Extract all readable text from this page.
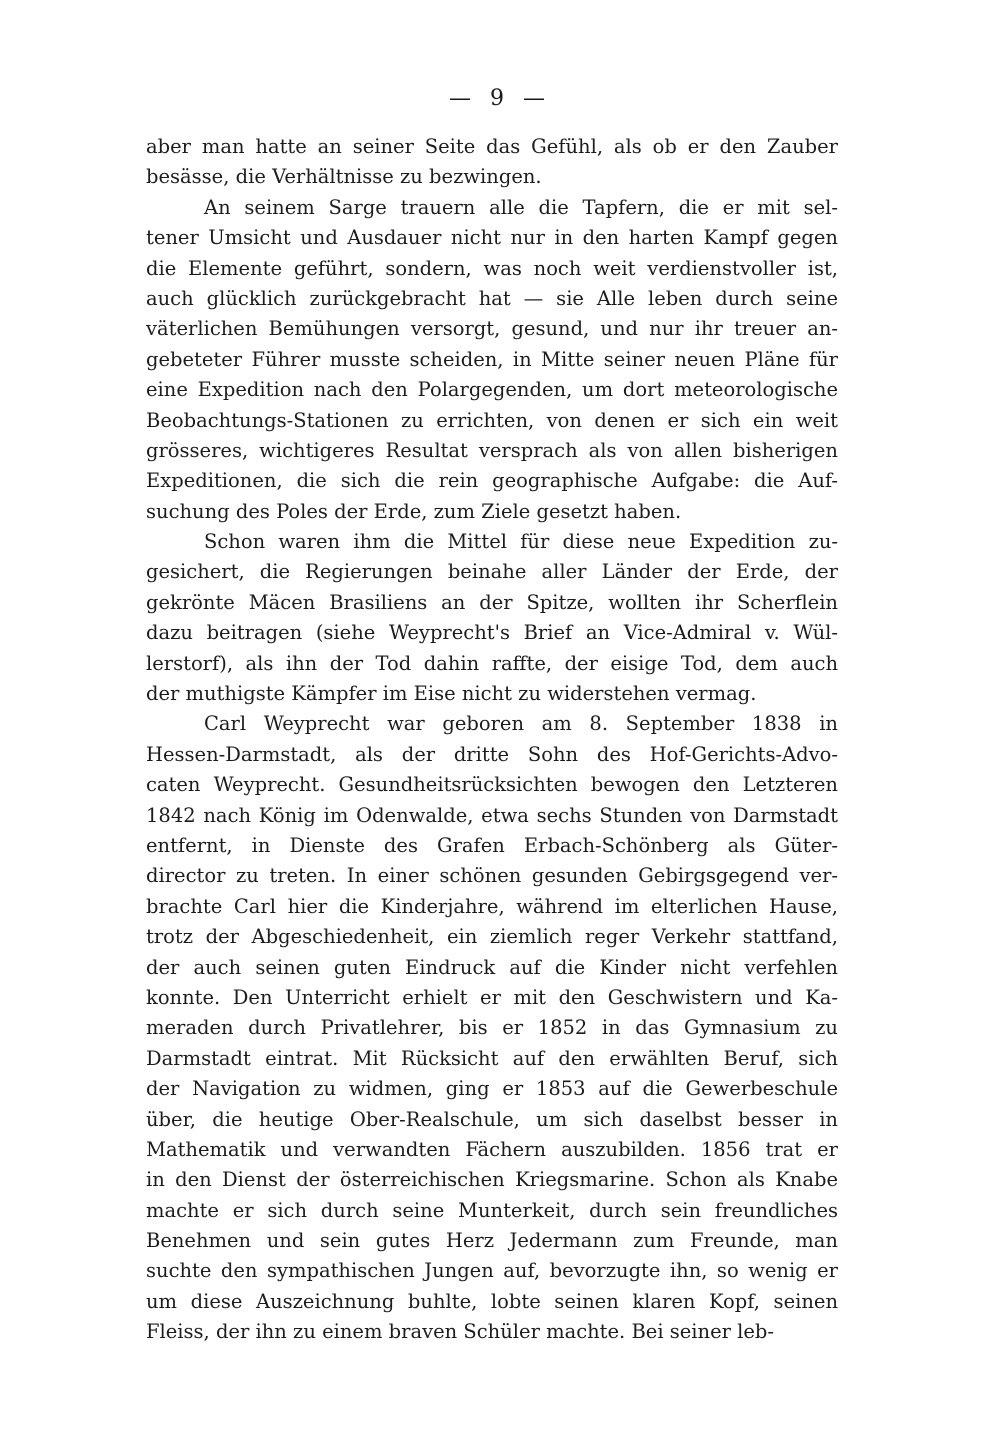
— 9 —
aber man hatte an seiner Seite das Gefühl, als ob er den Zauber
besässe, die Verhältnisse zu bezwingen.
An seinem Sarge trauern alle die Tapfern, die er mit sel-
tener Umsicht und Ausdauer nicht nur in den harten Kampf gegen
die Elemente geführt, sondern, was noch weit verdienstvoller ist,
auch glücklich zurückgebracht hat — sie Alle leben durch seine
väterlichen Bemühungen versorgt, gesund, und nur ihr treuer an-
gebeteter Führer musste scheiden, in Mitte seiner neuen Pläne für
eine Expedition nach den Polargegenden, um dort meteorologische
Beobachtungs-Stationen zu errichten, von denen er sich ein weit
grösseres, wichtigeres Resultat versprach als von allen bisherigen
Expeditionen, die sich die rein geographische Aufgabe: die Auf-
suchung des Poles der Erde, zum Ziele gesetzt haben.
Schon waren ihm die Mittel für diese neue Expedition zu-
gesichert, die Regierungen beinahe aller Länder der Erde, der
gekrönte Mäcen Brasiliens an der Spitze, wollten ihr Scherflein
dazu beitragen (siehe Weyprecht's Brief an Vice-Admiral v. Wül-
lerstorf), als ihn der Tod dahin raffte, der eisige Tod, dem auch
der muthigste Kämpfer im Eise nicht zu widerstehen vermag.
Carl Weyprecht war geboren am 8. September 1838 in
Hessen-Darmstadt, als der dritte Sohn des Hof-Gerichts-Advo-
caten Weyprecht. Gesundheitsrücksichten bewogen den Letzteren
1842 nach König im Odenwalde, etwa sechs Stunden von Darmstadt
entfernt, in Dienste des Grafen Erbach-Schönberg als Güter-
director zu treten. In einer schönen gesunden Gebirgsgegend ver-
brachte Carl hier die Kinderjahre, während im elterlichen Hause,
trotz der Abgeschiedenheit, ein ziemlich reger Verkehr stattfand,
der auch seinen guten Eindruck auf die Kinder nicht verfehlen
konnte. Den Unterricht erhielt er mit den Geschwistern und Ka-
meraden durch Privatlehrer, bis er 1852 in das Gymnasium zu
Darmstadt eintrat. Mit Rücksicht auf den erwählten Beruf, sich
der Navigation zu widmen, ging er 1853 auf die Gewerbeschule
über, die heutige Ober-Realschule, um sich daselbst besser in
Mathematik und verwandten Fächern auszubilden. 1856 trat er
in den Dienst der österreichischen Kriegsmarine. Schon als Knabe
machte er sich durch seine Munterkeit, durch sein freundliches
Benehmen und sein gutes Herz Jedermann zum Freunde, man
suchte den sympathischen Jungen auf, bevorzugte ihn, so wenig er
um diese Auszeichnung buhlte, lobte seinen klaren Kopf, seinen
Fleiss, der ihn zu einem braven Schüler machte. Bei seiner leb-
